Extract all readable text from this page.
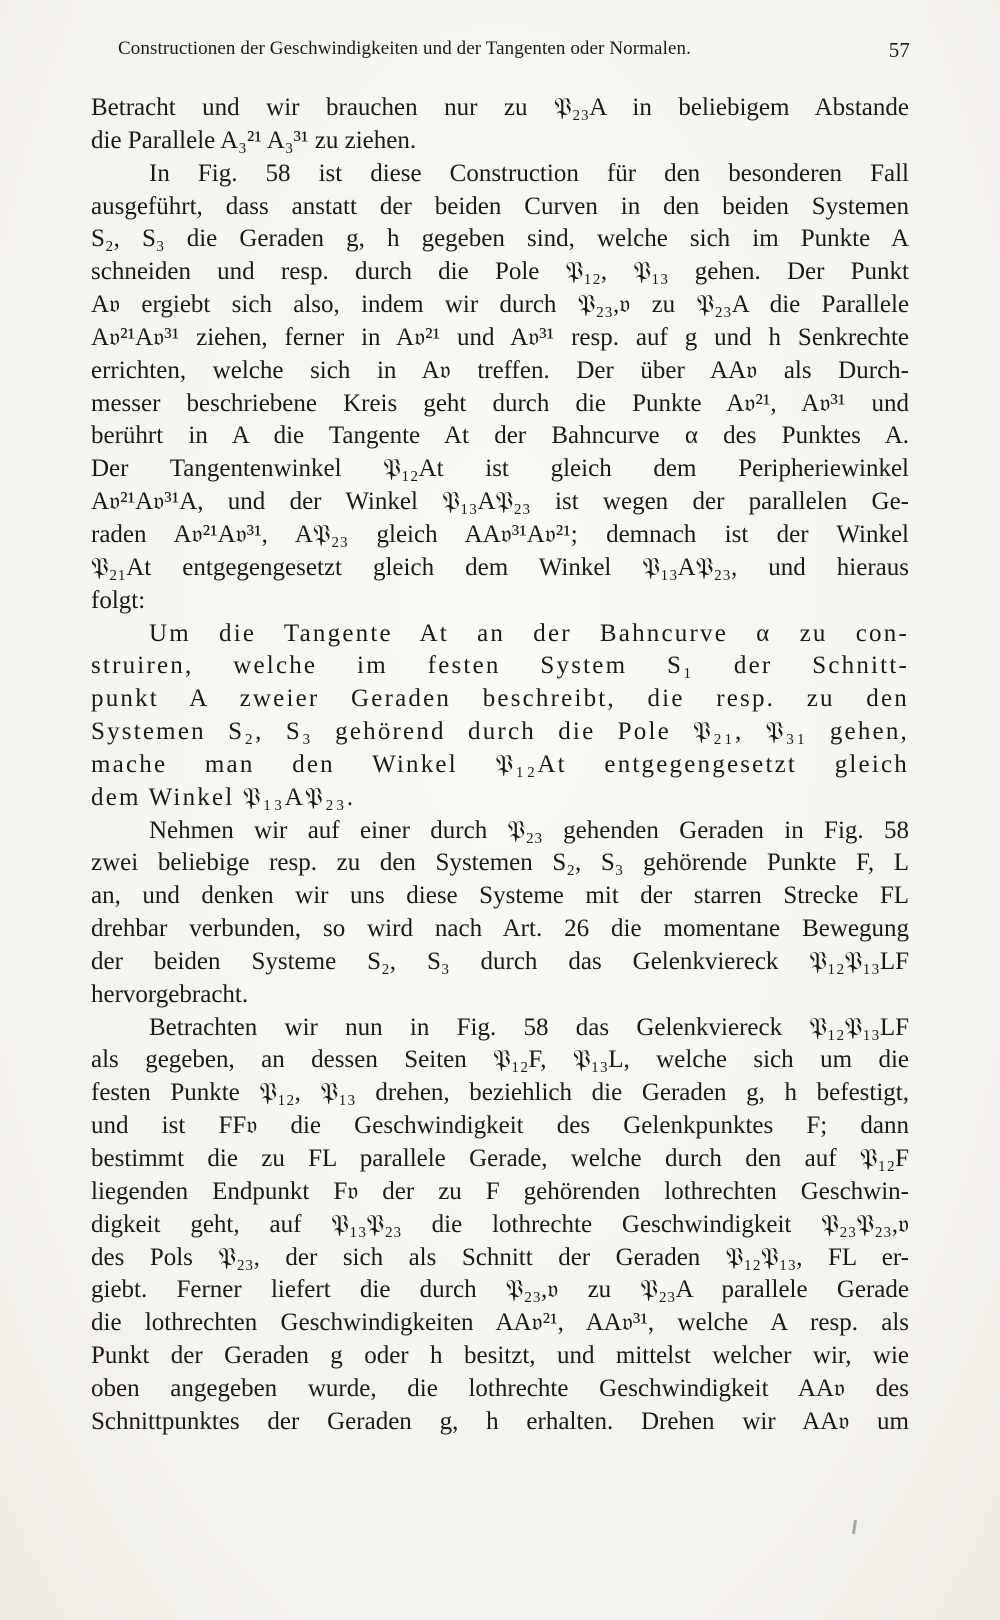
Constructionen der Geschwindigkeiten und der Tangenten oder Normalen.	57
Betracht und wir brauchen nur zu 𝔓₂₃A in beliebigem Abstande
die Parallele A₃²¹ A₃³¹ zu ziehen.
In Fig. 58 ist diese Construction für den besonderen Fall
ausgeführt, dass anstatt der beiden Curven in den beiden Systemen
S₂, S₃ die Geraden g, h gegeben sind, welche sich im Punkte A
schneiden und resp. durch die Pole 𝔓₁₂, 𝔓₁₃ gehen. Der Punkt
A𝔳 ergiebt sich also, indem wir durch 𝔓₂₃,𝔳 zu 𝔓₂₃A die Parallele
A𝔳²¹A𝔳³¹ ziehen, ferner in A𝔳²¹ und A𝔳³¹ resp. auf g und h Senkrechte
errichten, welche sich in A𝔳 treffen. Der über AA𝔳 als Durch-
messer beschriebene Kreis geht durch die Punkte A𝔳²¹, A𝔳³¹ und
berührt in A die Tangente At der Bahncurve α des Punktes A.
Der Tangentenwinkel 𝔓₁₂At ist gleich dem Peripheriewinkel
A𝔳²¹A𝔳³¹A, und der Winkel 𝔓₁₃A𝔓₂₃ ist wegen der parallelen Ge-
raden A𝔳²¹A𝔳³¹, A𝔓₂₃ gleich AA𝔳³¹A𝔳²¹; demnach ist der Winkel
𝔓₂₁At entgegengesetzt gleich dem Winkel 𝔓₁₃A𝔓₂₃, und hieraus
folgt:
Um die Tangente At an der Bahncurve α zu con-
struiren, welche im festen System S₁ der Schnitt-
punkt A zweier Geraden beschreibt, die resp. zu den
Systemen S₂, S₃ gehörend durch die Pole 𝔓₂₁, 𝔓₃₁ gehen,
mache man den Winkel 𝔓₁₂At entgegengesetzt gleich
dem Winkel 𝔓₁₃A𝔓₂₃.
Nehmen wir auf einer durch 𝔓₂₃ gehenden Geraden in Fig. 58
zwei beliebige resp. zu den Systemen S₂, S₃ gehörende Punkte F, L
an, und denken wir uns diese Systeme mit der starren Strecke FL
drehbar verbunden, so wird nach Art. 26 die momentane Bewegung
der beiden Systeme S₂, S₃ durch das Gelenkviereck 𝔓₁₂𝔓₁₃LF
hervorgebracht.
Betrachten wir nun in Fig. 58 das Gelenkviereck 𝔓₁₂𝔓₁₃LF
als gegeben, an dessen Seiten 𝔓₁₂F, 𝔓₁₃L, welche sich um die
festen Punkte 𝔓₁₂, 𝔓₁₃ drehen, beziehlich die Geraden g, h befestigt,
und ist FF𝔳 die Geschwindigkeit des Gelenkpunktes F; dann
bestimmt die zu FL parallele Gerade, welche durch den auf 𝔓₁₂F
liegenden Endpunkt F𝔳 der zu F gehörenden lothrechten Geschwin-
digkeit geht, auf 𝔓₁₃𝔓₂₃ die lothrechte Geschwindigkeit 𝔓₂₃𝔓₂₃,𝔳
des Pols 𝔓₂₃, der sich als Schnitt der Geraden 𝔓₁₂𝔓₁₃, FL er-
giebt. Ferner liefert die durch 𝔓₂₃,𝔳 zu 𝔓₂₃A parallele Gerade
die lothrechten Geschwindigkeiten AA𝔳²¹, AA𝔳³¹, welche A resp. als
Punkt der Geraden g oder h besitzt, und mittelst welcher wir, wie
oben angegeben wurde, die lothrechte Geschwindigkeit AA𝔳 des
Schnittpunktes der Geraden g, h erhalten. Drehen wir AA𝔳 um
